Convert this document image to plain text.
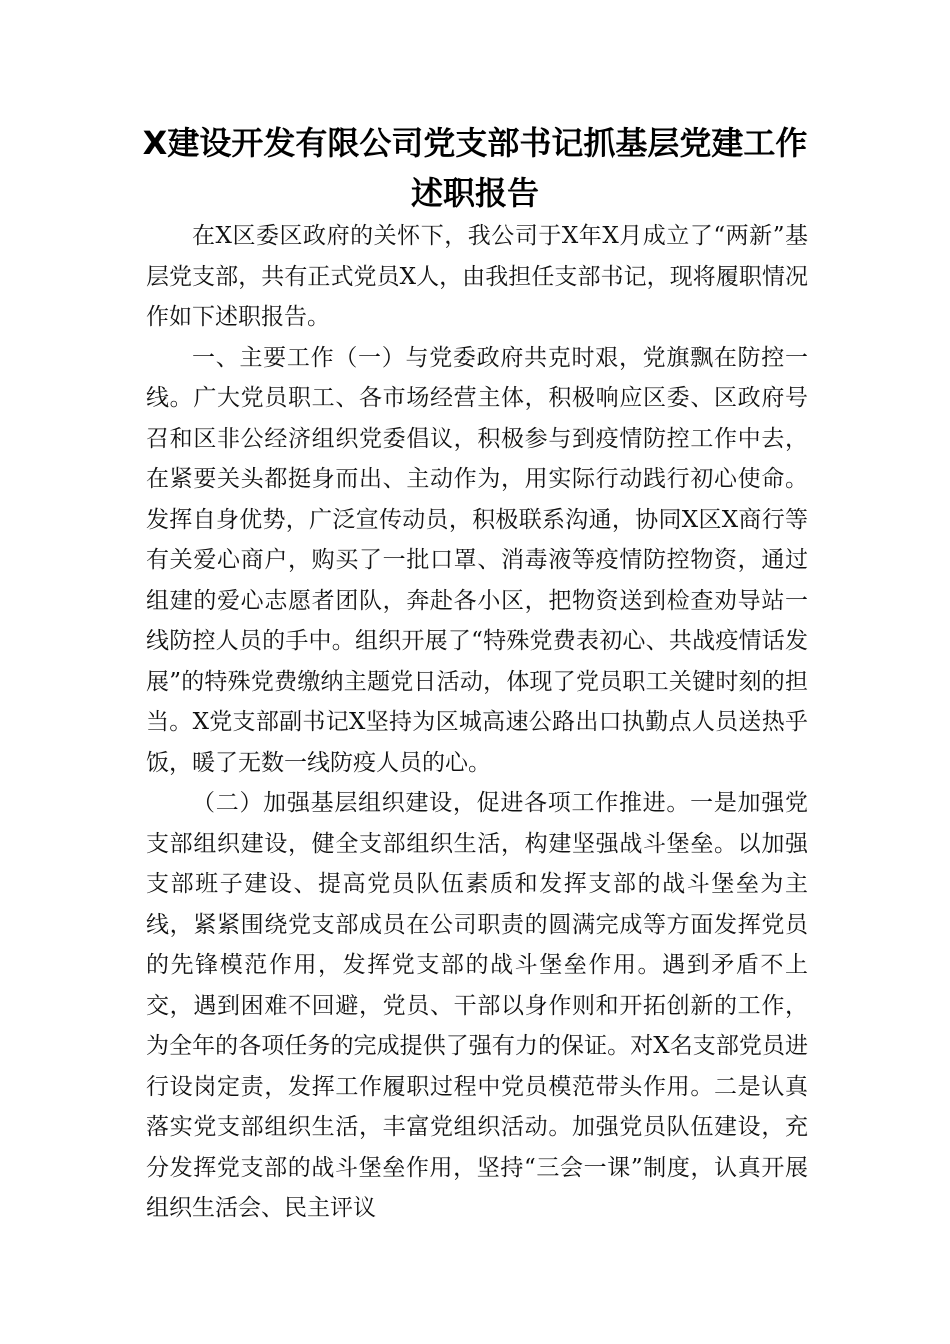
X建设开发有限公司党支部书记抓基层党建工作述职报告

在X区委区政府的关怀下，我公司于X年X月成立了“两新”基层党支部，共有正式党员X人，由我担任支部书记，现将履职情况作如下述职报告。

一、主要工作（一）与党委政府共克时艰，党旗飘在防控一线。广大党员职工、各市场经营主体，积极响应区委、区政府号召和区非公经济组织党委倡议，积极参与到疫情防控工作中去，在紧要关头都挺身而出、主动作为，用实际行动践行初心使命。发挥自身优势，广泛宣传动员，积极联系沟通，协同X区X商行等有关爱心商户，购买了一批口罩、消毒液等疫情防控物资，通过组建的爱心志愿者团队，奔赴各小区，把物资送到检查劝导站一线防控人员的手中。组织开展了“特殊党费表初心、共战疫情话发展”的特殊党费缴纳主题党日活动，体现了党员职工关键时刻的担当。X党支部副书记X坚持为区城高速公路出口执勤点人员送热乎饭，暖了无数一线防疫人员的心。

（二）加强基层组织建设，促进各项工作推进。一是加强党支部组织建设，健全支部组织生活，构建坚强战斗堡垒。以加强支部班子建设、提高党员队伍素质和发挥支部的战斗堡垒为主线，紧紧围绕党支部成员在公司职责的圆满完成等方面发挥党员的先锋模范作用，发挥党支部的战斗堡垒作用。遇到矛盾不上交，遇到困难不回避，党员、干部以身作则和开拓创新的工作，为全年的各项任务的完成提供了强有力的保证。对X名支部党员进行设岗定责，发挥工作履职过程中党员模范带头作用。二是认真落实党支部组织生活，丰富党组织活动。加强党员队伍建设，充分发挥党支部的战斗堡垒作用，坚持“三会一课”制度，认真开展组织生活会、民主评议
